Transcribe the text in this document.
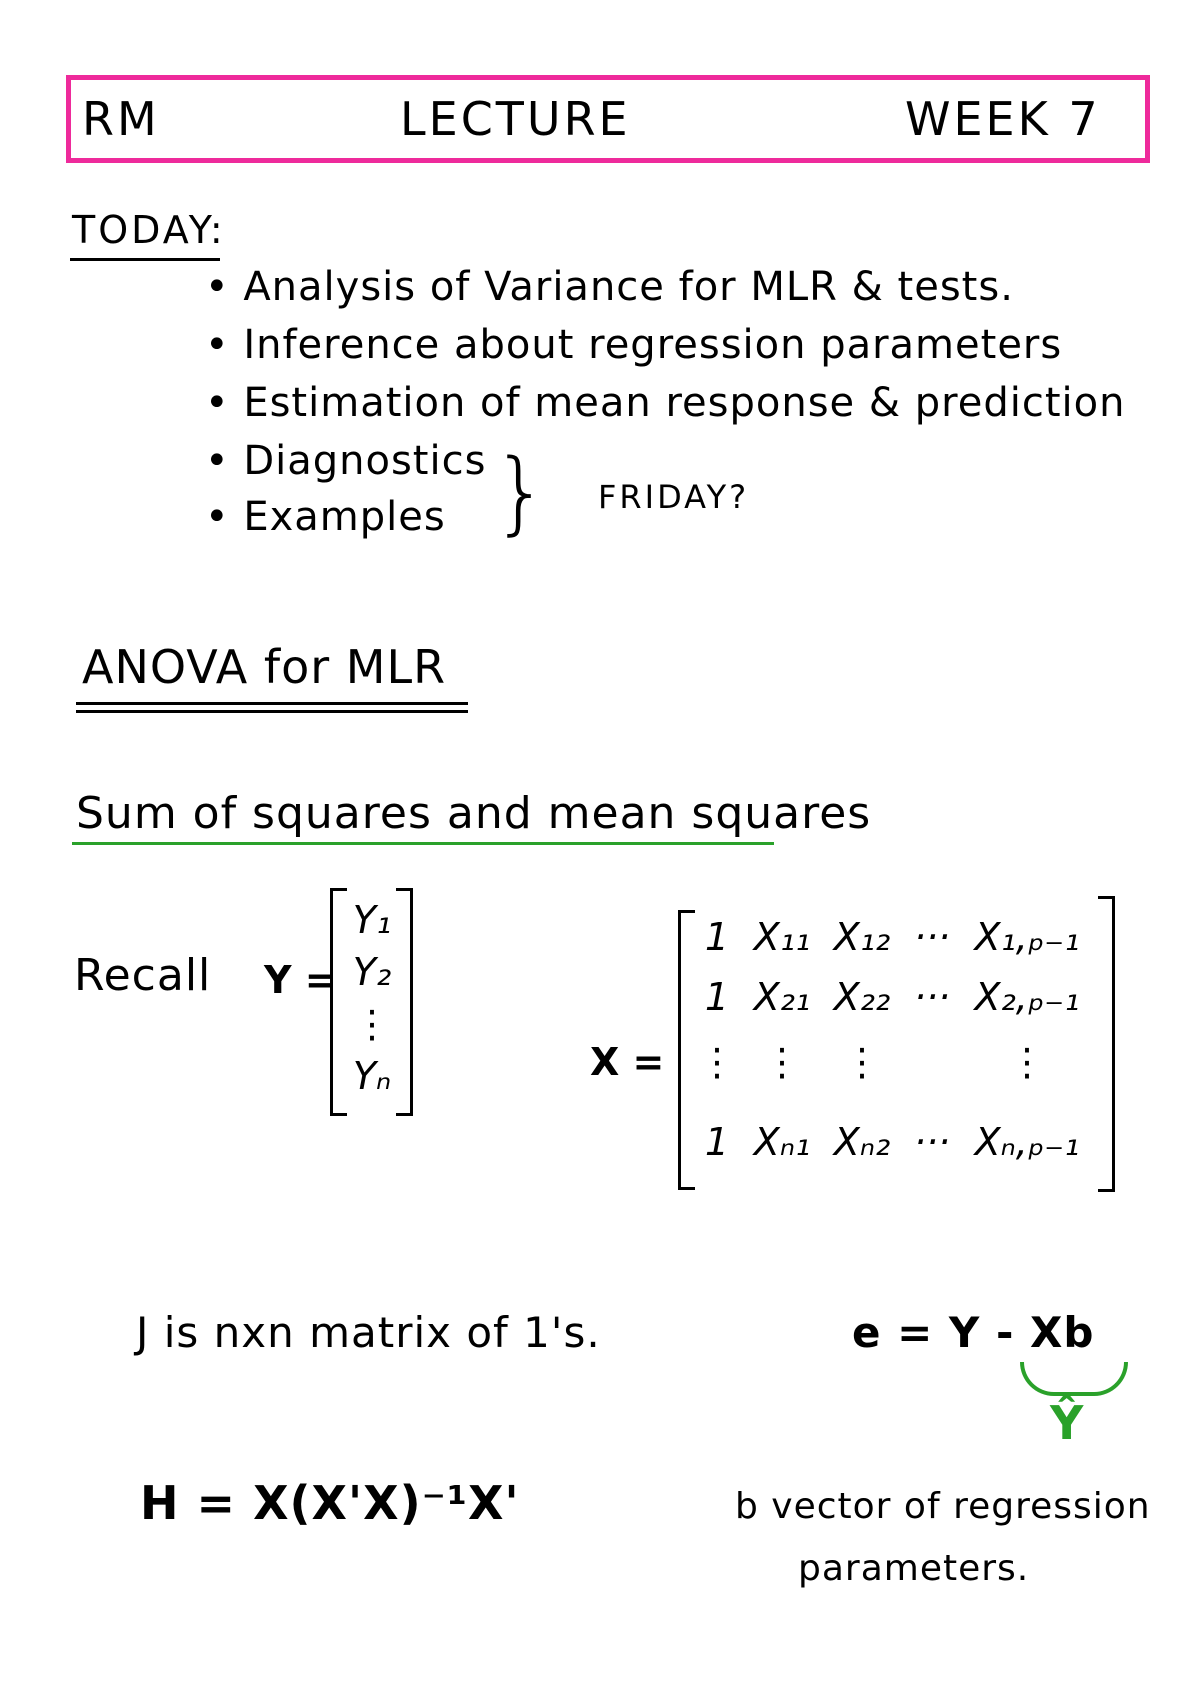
RM	LECTURE	WEEK 7
TODAY:
• Analysis of Variance for MLR & tests.
• Inference about regression parameters
• Estimation of mean response & prediction
• Diagnostics
• Examples } FRIDAY?
ANOVA for MLR
Sum of squares and mean squares
Recall Y =
Y₁
Y₂
⋮
Yₙ	X =
1 X₁₁ X₁₂ ··· X₁,ₚ₋₁
1 X₂₁ X₂₂ ··· X₂,ₚ₋₁
⋮ ⋮	⋮	⋮
1 Xₙ₁ Xₙ₂ ··· Xₙ,ₚ₋₁
J is nxn matrix of 1's.	e = Y - Xb
Ŷ
H = X(X'X)⁻¹X'	b vector of regression
parameters.
